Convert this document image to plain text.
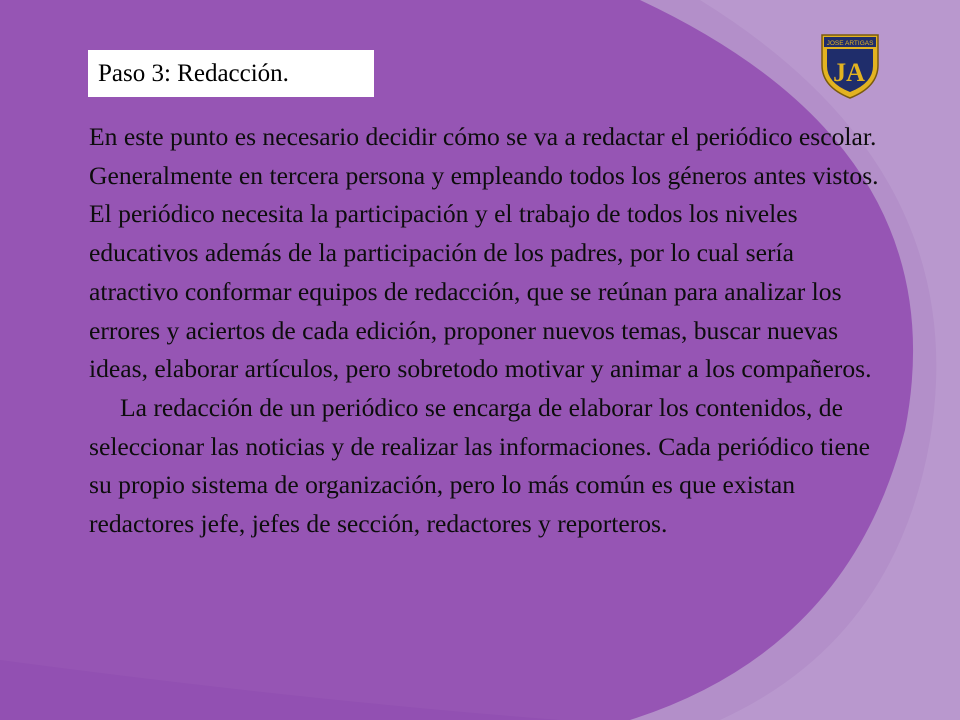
Paso 3: Redacción.

En este punto es necesario decidir cómo se va a redactar el periódico escolar. Generalmente en tercera persona y empleando todos los géneros antes vistos. El periódico necesita la participación y el trabajo de todos los niveles educativos además de la participación de los padres, por lo cual sería atractivo conformar equipos de redacción, que se reúnan para analizar los errores y aciertos de cada edición, proponer nuevos temas, buscar nuevas ideas, elaborar artículos, pero sobretodo motivar y animar a los compañeros.

La redacción de un periódico se encarga de elaborar los contenidos, de seleccionar las noticias y de realizar las informaciones. Cada periódico tiene su propio sistema de organización, pero lo más común es que existan redactores jefe, jefes de sección, redactores y reporteros.

JOSE ARTIGAS
JA
